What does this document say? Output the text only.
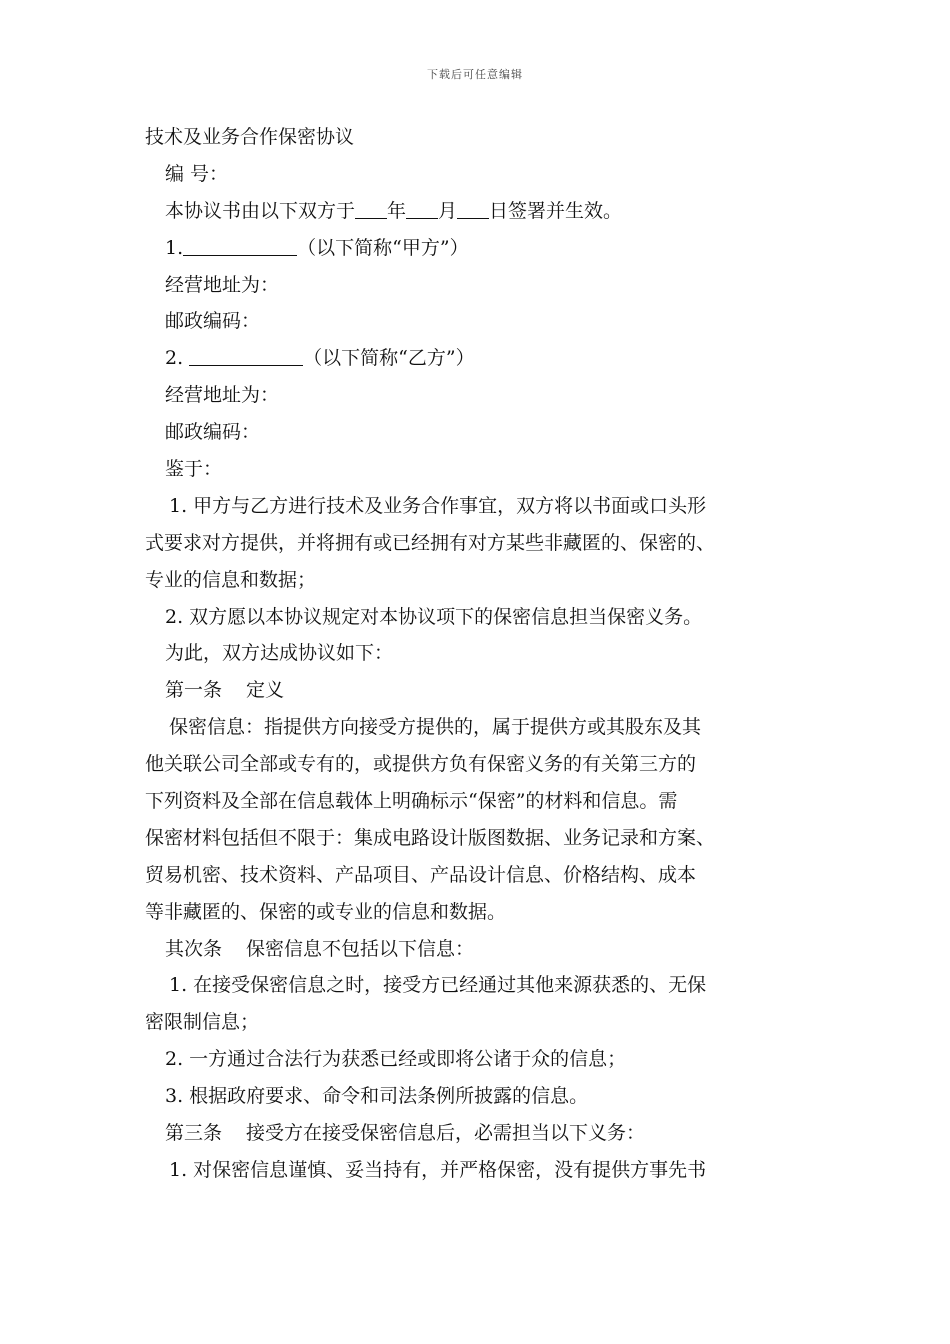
下载后可任意编辑
技术及业务合作保密协议
编 号：
本协议书由以下双方于 年 月 日签署并生效。
1.	（以下简称“甲方”）
经营地址为：
邮政编码：
2.	（以下简称“乙方”）
经营地址为：
邮政编码：
鉴于：
1. 甲方与乙方进行技术及业务合作事宜，双方将以书面或口头形
式要求对方提供，并将拥有或已经拥有对方某些非藏匿的、保密的、
专业的信息和数据；
2. 双方愿以本协议规定对本协议项下的保密信息担当保密义务。
为此，双方达成协议如下：
第一条 定义
保密信息：指提供方向接受方提供的，属于提供方或其股东及其
他关联公司全部或专有的，或提供方负有保密义务的有关第三方的
下列资料及全部在信息载体上明确标示“保密”的材料和信息。需
保密材料包括但不限于：集成电路设计版图数据、业务记录和方案、
贸易机密、技术资料、产品项目、产品设计信息、价格结构、成本
等非藏匿的、保密的或专业的信息和数据。
其次条 保密信息不包括以下信息：
1. 在接受保密信息之时，接受方已经通过其他来源获悉的、无保
密限制信息；
2. 一方通过合法行为获悉已经或即将公诸于众的信息；
3. 根据政府要求、命令和司法条例所披露的信息。
第三条 接受方在接受保密信息后，必需担当以下义务：
1. 对保密信息谨慎、妥当持有，并严格保密，没有提供方事先书
